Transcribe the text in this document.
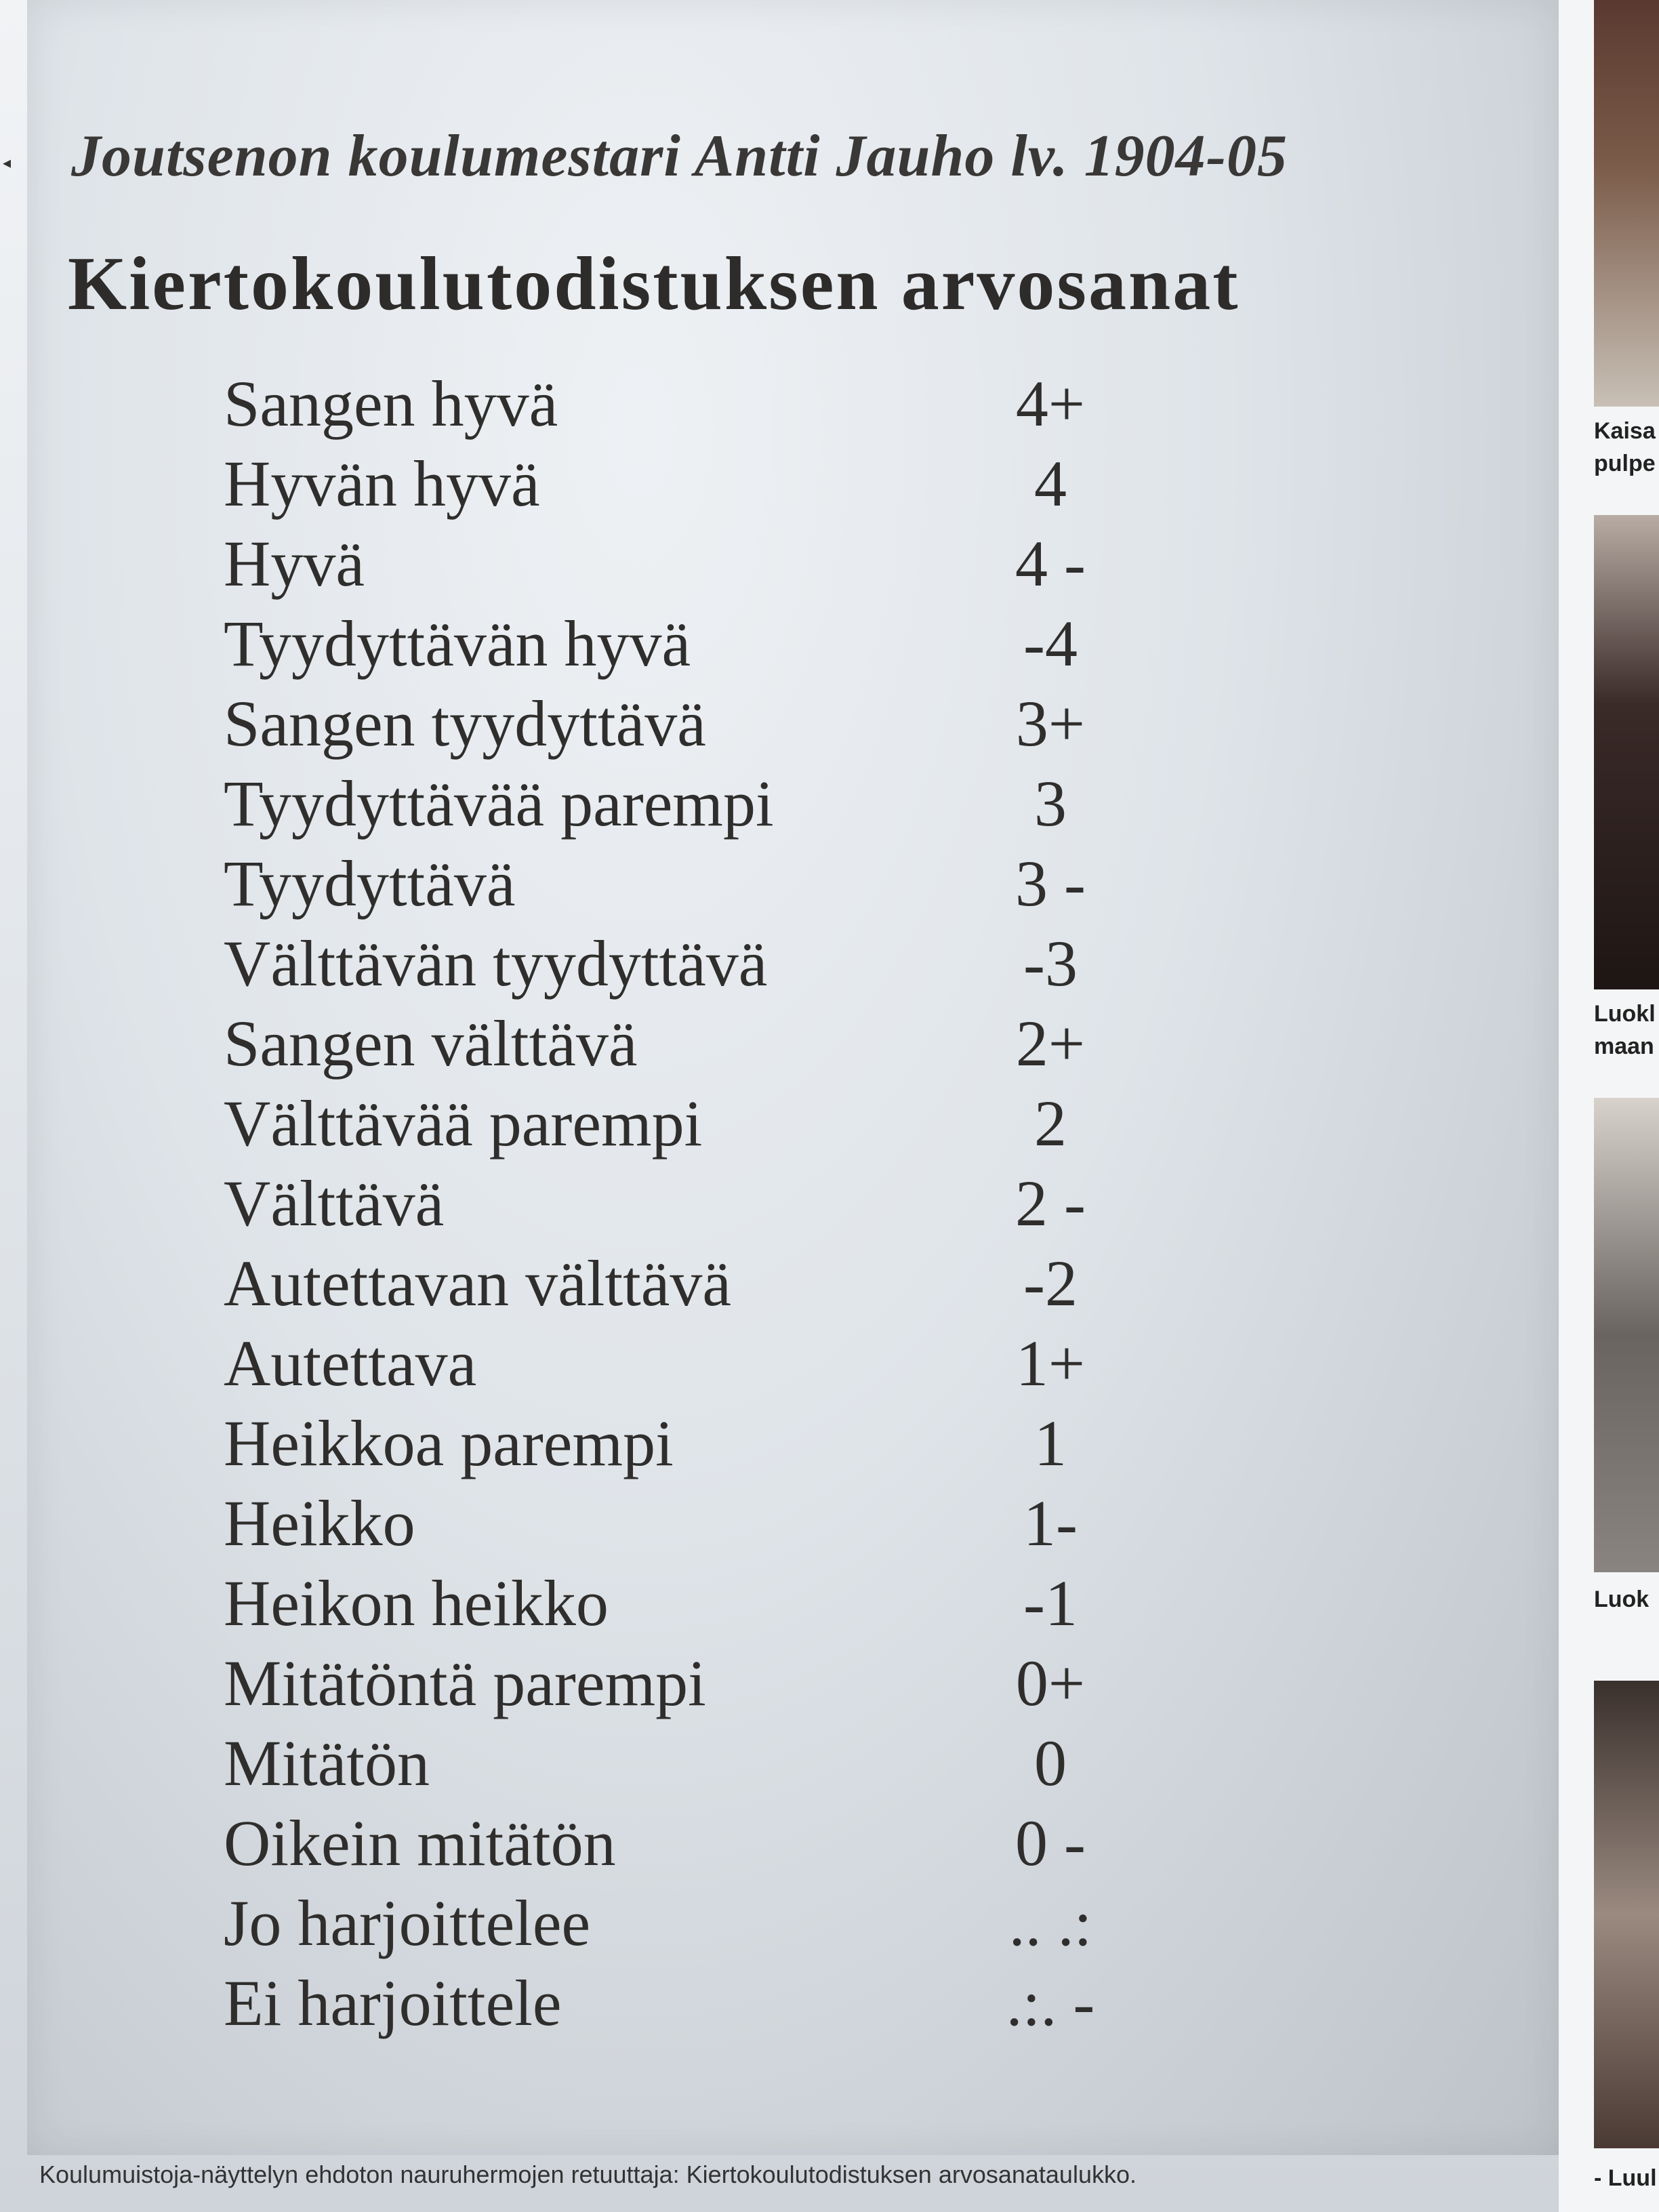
◂ Joutsenon koulumestari Antti Jauho lv. 1904-05
Kiertokoulutodistuksen arvosanat
Sangen hyvä	4+
Hyvän hyvä	4
Hyvä	4 -
Tyydyttävän hyvä	-4
Sangen tyydyttävä	3+
Tyydyttävää parempi	3
Tyydyttävä	3 -
Välttävän tyydyttävä	-3
Sangen välttävä	2+
Välttävää parempi	2
Välttävä	2 -
Autettavan välttävä	-2
Autettava	1+
Heikkoa parempi	1
Heikko	1-
Heikon heikko	-1
Mitätöntä parempi	0+
Mitätön	0
Oikein mitätön	0 -
Jo harjoittelee	.. .:
Ei harjoittele	.:. -
Koulumuistoja-näyttelyn ehdoton nauruhermojen retuuttaja: Kiertokoulutodistuksen arvosanataulukko.
Kaisa
pulpe
Luokl
maan
Luok
- Luul
